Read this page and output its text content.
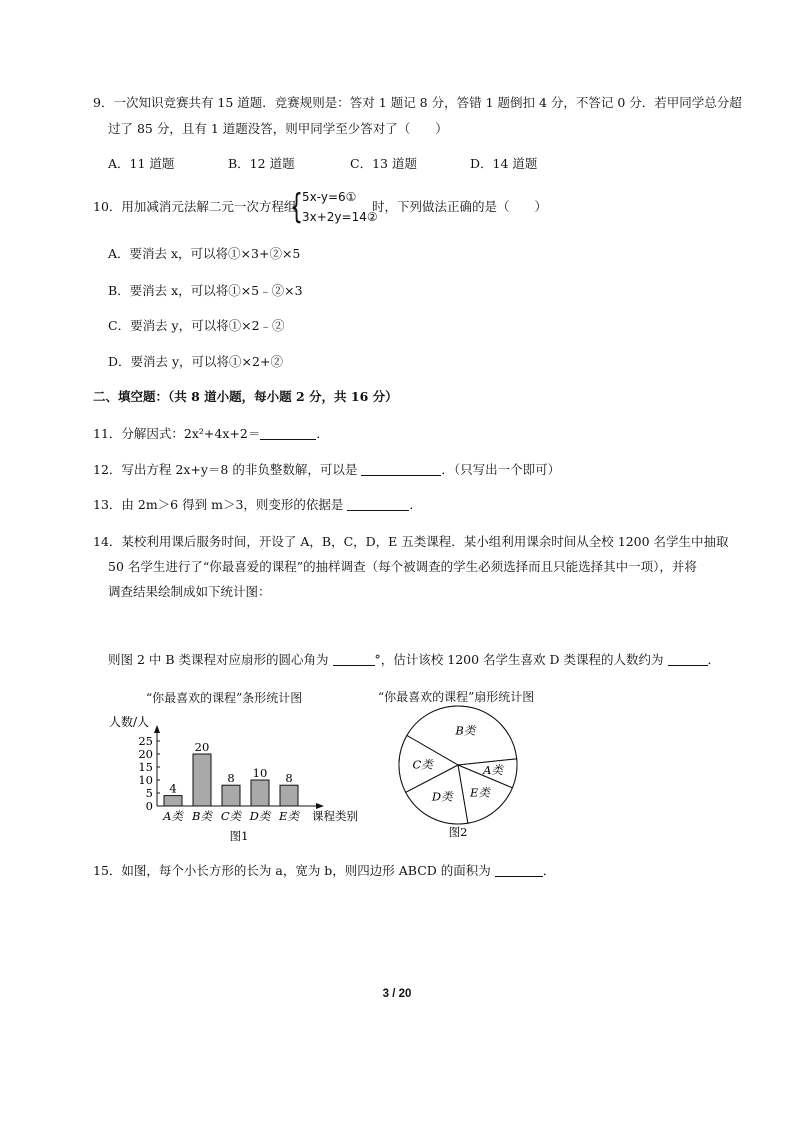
9．一次知识竞赛共有 15 道题．竞赛规则是：答对 1 题记 8 分，答错 1 题倒扣 4 分，不答记 0 分．若甲同学总分超
过了 85 分，且有 1 道题没答，则甲同学至少答对了（　　）
A．11 道题	B．12 道题	C．13 道题	D．14 道题
10．用加减消元法解二元一次方程组
{ 5x-y=6①
3x+2y=14②
时，下列做法正确的是（　　）
A．要消去 x，可以将①×3+②×5
B．要消去 x，可以将①×5﹣②×3
C．要消去 y，可以将①×2﹣②
D．要消去 y，可以将①×2+②
二、填空题：（共 8 道小题，每小题 2 分，共 16 分）
11．分解因式：2x²+4x+2＝	．
12．写出方程 2x+y＝8 的非负整数解，可以是	．（只写出一个即可）
13．由 2m＞6 得到 m＞3，则变形的依据是	．
14．某校利用课后服务时间，开设了 A，B，C，D，E 五类课程．某小组利用课余时间从全校 1200 名学生中抽取
50 名学生进行了“你最喜爱的课程”的抽样调查（每个被调查的学生必须选择而且只能选择其中一项），并将
调查结果绘制成如下统计图：
则图 2 中 B 类课程对应扇形的圆心角为	°，估计该校 1200 名学生喜欢 D 类课程的人数约为	．
“你最喜欢的课程”条形统计图
人数/人
0
5
10
15
20
25
4
A类
20
B类
8
C类
10
D类
8
E类 课程类别
图1
“你最喜欢的课程”扇形统计图
B类
A类
E类
D类
C类
图2
15．如图，每个小长方形的长为 a，宽为 b，则四边形 ABCD 的面积为	．
3 / 20
